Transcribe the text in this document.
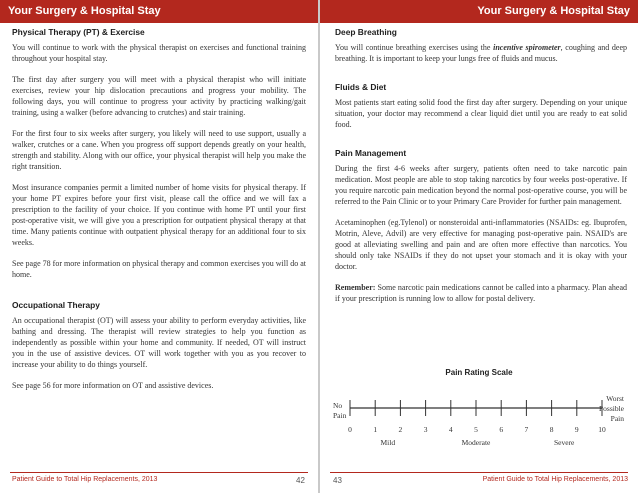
Your Surgery & Hospital Stay
Physical Therapy (PT) & Exercise

You will continue to work with the physical therapist on exercises and functional training throughout your hospital stay.

The first day after surgery you will meet with a physical therapist who will initiate exercises, review your hip dislocation precautions and progress your mobility. The following days, you will continue to progress your activity by practicing walking/gait training, using a walker (before advancing to crutches) and stair training.

For the first four to six weeks after surgery, you likely will need to use support, usually a walker, crutches or a cane. When you progress off support depends greatly on your health, strength and stability. Along with our office, your physical therapist will help you make the right transition.

Most insurance companies permit a limited number of home visits for physical therapy. If your home PT expires before your first visit, please call the office and we will fax a prescription to the facility of your choice. If you continue with home PT until your first post-operative visit, we will give you a prescription for outpatient physical therapy at that time. Many patients continue with outpatient physical therapy for an additional four to six weeks.

See page 78 for more information on physical therapy and common exercises you will do at home.

Occupational Therapy

An occupational therapist (OT) will assess your ability to perform everyday activities, like bathing and dressing. The therapist will review strategies to help you function as independently as possible within your home and community. If needed, OT will instruct you in the use of assistive devices. OT will work together with you as you recover to increase your ability to do things yourself.

See page 56 for more information on OT and assistive devices.

Patient Guide to Total Hip Replacements, 2013	42
Your Surgery & Hospital Stay
Deep Breathing

You will continue breathing exercises using the incentive spirometer, coughing and deep breathing. It is important to keep your lungs free of fluids and mucus.

Fluids & Diet

Most patients start eating solid food the first day after surgery. Depending on your unique situation, your doctor may recommend a clear liquid diet until you are ready to eat solid food.

Pain Management

During the first 4-6 weeks after surgery, patients often need to take narcotic pain medication. Most people are able to stop taking narcotics by four weeks post-operative. If you require narcotic pain medication beyond the normal post-operative course, you will be referred to the Pain Clinic or to your Primary Care Provider for further pain management.

Acetaminophen (eg.Tylenol) or nonsteroidal anti-inflammatories (NSAIDs: eg. Ibuprofen, Motrin, Aleve, Advil) are very effective for managing post-operative pain. NSAID's are good at alleviating swelling and pain and are often more effective than narcotics. You should only take NSAIDs if they do not upset your stomach and it is okay with your doctor.

Remember: Some narcotic pain medications cannot be called into a pharmacy. Plan ahead if your prescription is running low to allow for postal delivery.

Pain Rating Scale
No
Pain
Worst
Possible
Pain
0	1	2	3	4	5	6	7	8	9	10
Mild	Moderate	Severe
43	Patient Guide to Total Hip Replacements, 2013
